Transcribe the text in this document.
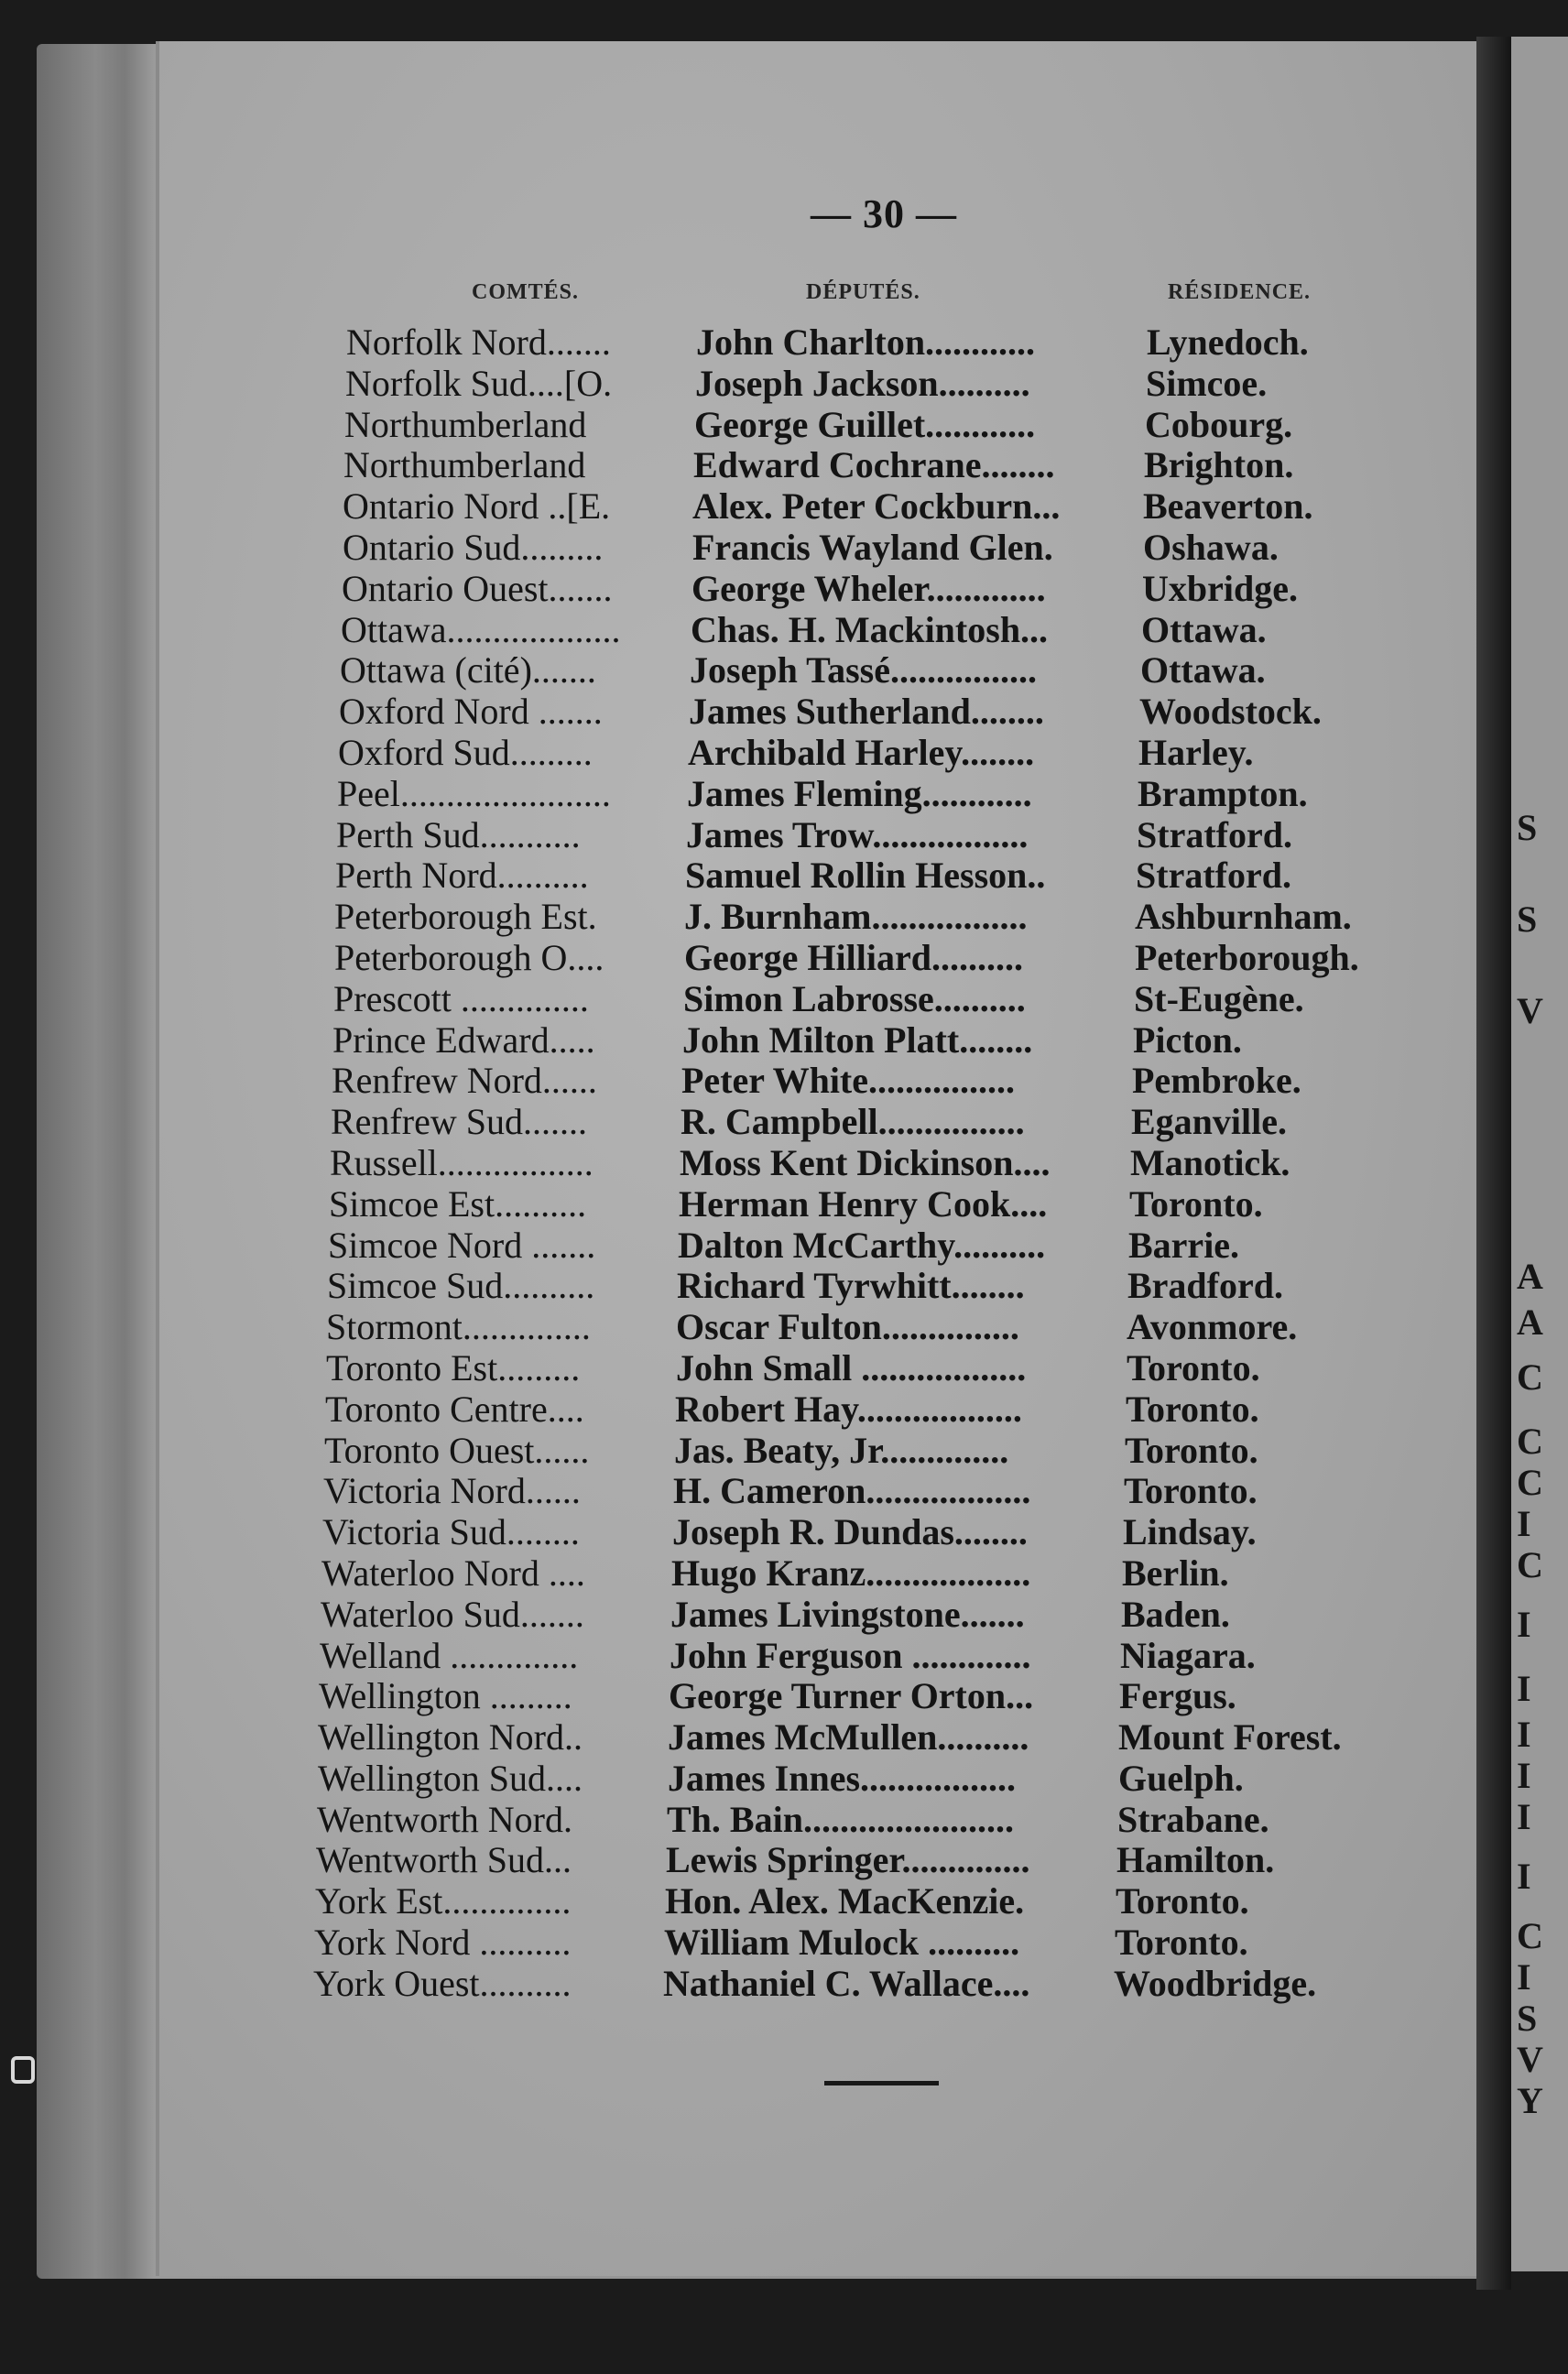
S
S
V
A
A
C
C
C
I
C
I
I
I
I
I
I
C
I
S
V
Y
— 30 —
COMTÉS.	DÉPUTÉS.	RÉSIDENCE.
Norfolk Nord....... John Charlton............	Lynedoch.
Norfolk Sud....[O. Joseph Jackson..........	Simcoe.
Northumberland	George Guillet............	Cobourg.
Northumberland	Edward Cochrane........ Brighton.
Ontario Nord ..[E. Alex. Peter Cockburn... Beaverton.
Ontario Sud......... Francis Wayland Glen. Oshawa.
Ontario Ouest....... George Wheler.............	Uxbridge.
Ottawa................... Chas. H. Mackintosh...	Ottawa.
Ottawa (cité).......	Joseph Tassé................	Ottawa.
Oxford Nord ....... James Sutherland........	Woodstock.
Oxford Sud.........	Archibald Harley........	Harley.
Peel....................... James Fleming............	Brampton.
Perth Sud...........	James Trow.................	Stratford.
Perth Nord..........	Samuel Rollin Hesson.. Stratford.
Peterborough Est. J. Burnham.................	Ashburnham.
Peterborough O.... George Hilliard..........	Peterborough.
Prescott ..............	Simon Labrosse..........	St-Eugène.
Prince Edward..... John Milton Platt........	Picton.
Renfrew Nord...... Peter White................	Pembroke.
Renfrew Sud.......	R. Campbell................	Eganville.
Russell................. Moss Kent Dickinson.... Manotick.
Simcoe Est..........	Herman Henry Cook.... Toronto.
Simcoe Nord ....... Dalton McCarthy.......... Barrie.
Simcoe Sud.......... Richard Tyrwhitt........	Bradford.
Stormont.............. Oscar Fulton...............	Avonmore.
Toronto Est.........	John Small ..................	Toronto.
Toronto Centre.... Robert Hay..................	Toronto.
Toronto Ouest...... Jas. Beaty, Jr..............	Toronto.
Victoria Nord......	H. Cameron..................	Toronto.
Victoria Sud........	Joseph R. Dundas........	Lindsay.
Waterloo Nord .... Hugo Kranz.................. Berlin.
Waterloo Sud....... James Livingstone.......	Baden.
Welland .............. John Ferguson ............. Niagara.
Wellington .........	George Turner Orton... Fergus.
Wellington Nord.. James McMullen.......... Mount Forest.
Wellington Sud.... James Innes.................	Guelph.
Wentworth Nord.	Th. Bain.......................	Strabane.
Wentworth Sud...	Lewis Springer.............. Hamilton.
York Est..............	Hon. Alex. MacKenzie. Toronto.
York Nord ..........	William Mulock ..........	Toronto.
York Ouest..........	Nathaniel C. Wallace.... Woodbridge.
